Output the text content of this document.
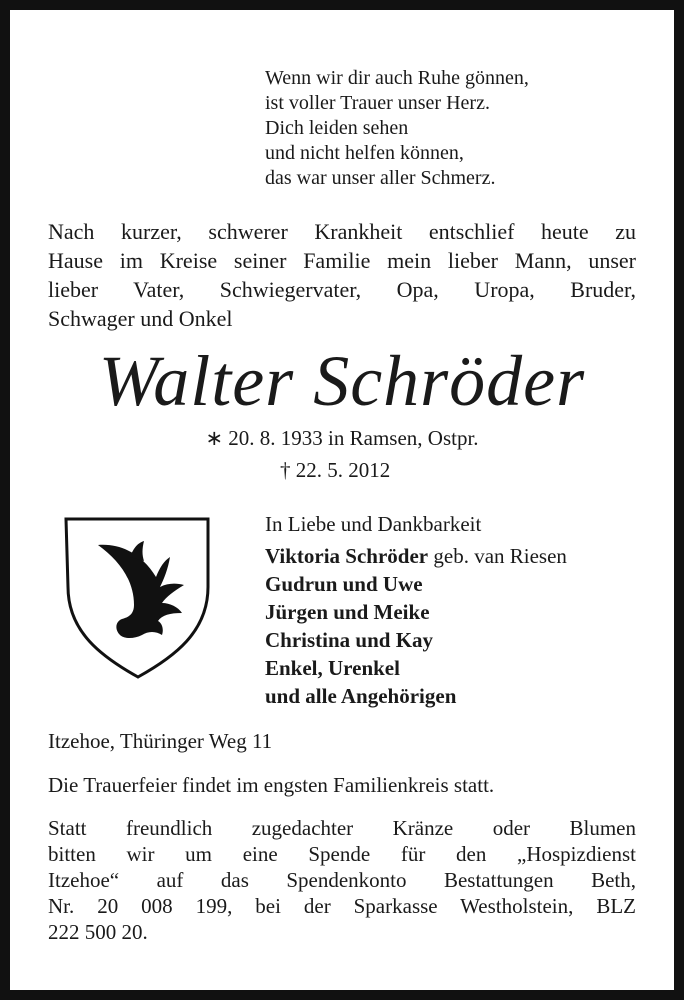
Wenn wir dir auch Ruhe gönnen,
ist voller Trauer unser Herz.
Dich leiden sehen
und nicht helfen können,
das war unser aller Schmerz.
Nach kurzer, schwerer Krankheit entschlief heute zu
Hause im Kreise seiner Familie mein lieber Mann, unser
lieber Vater, Schwiegervater, Opa, Uropa, Bruder,
Schwager und Onkel
Walter Schröder
∗ 20. 8. 1933 in Ramsen, Ostpr.
† 22. 5. 2012
In Liebe und Dankbarkeit
Viktoria Schröder geb. van Riesen
Gudrun und Uwe
Jürgen und Meike
Christina und Kay
Enkel, Urenkel
und alle Angehörigen
Itzehoe, Thüringer Weg 11
Die Trauerfeier findet im engsten Familienkreis statt.
Statt freundlich zugedachter Kränze oder Blumen
bitten wir um eine Spende für den „Hospizdienst
Itzehoe“ auf das Spendenkonto Bestattungen Beth,
Nr. 20 008 199, bei der Sparkasse Westholstein, BLZ
222 500 20.
